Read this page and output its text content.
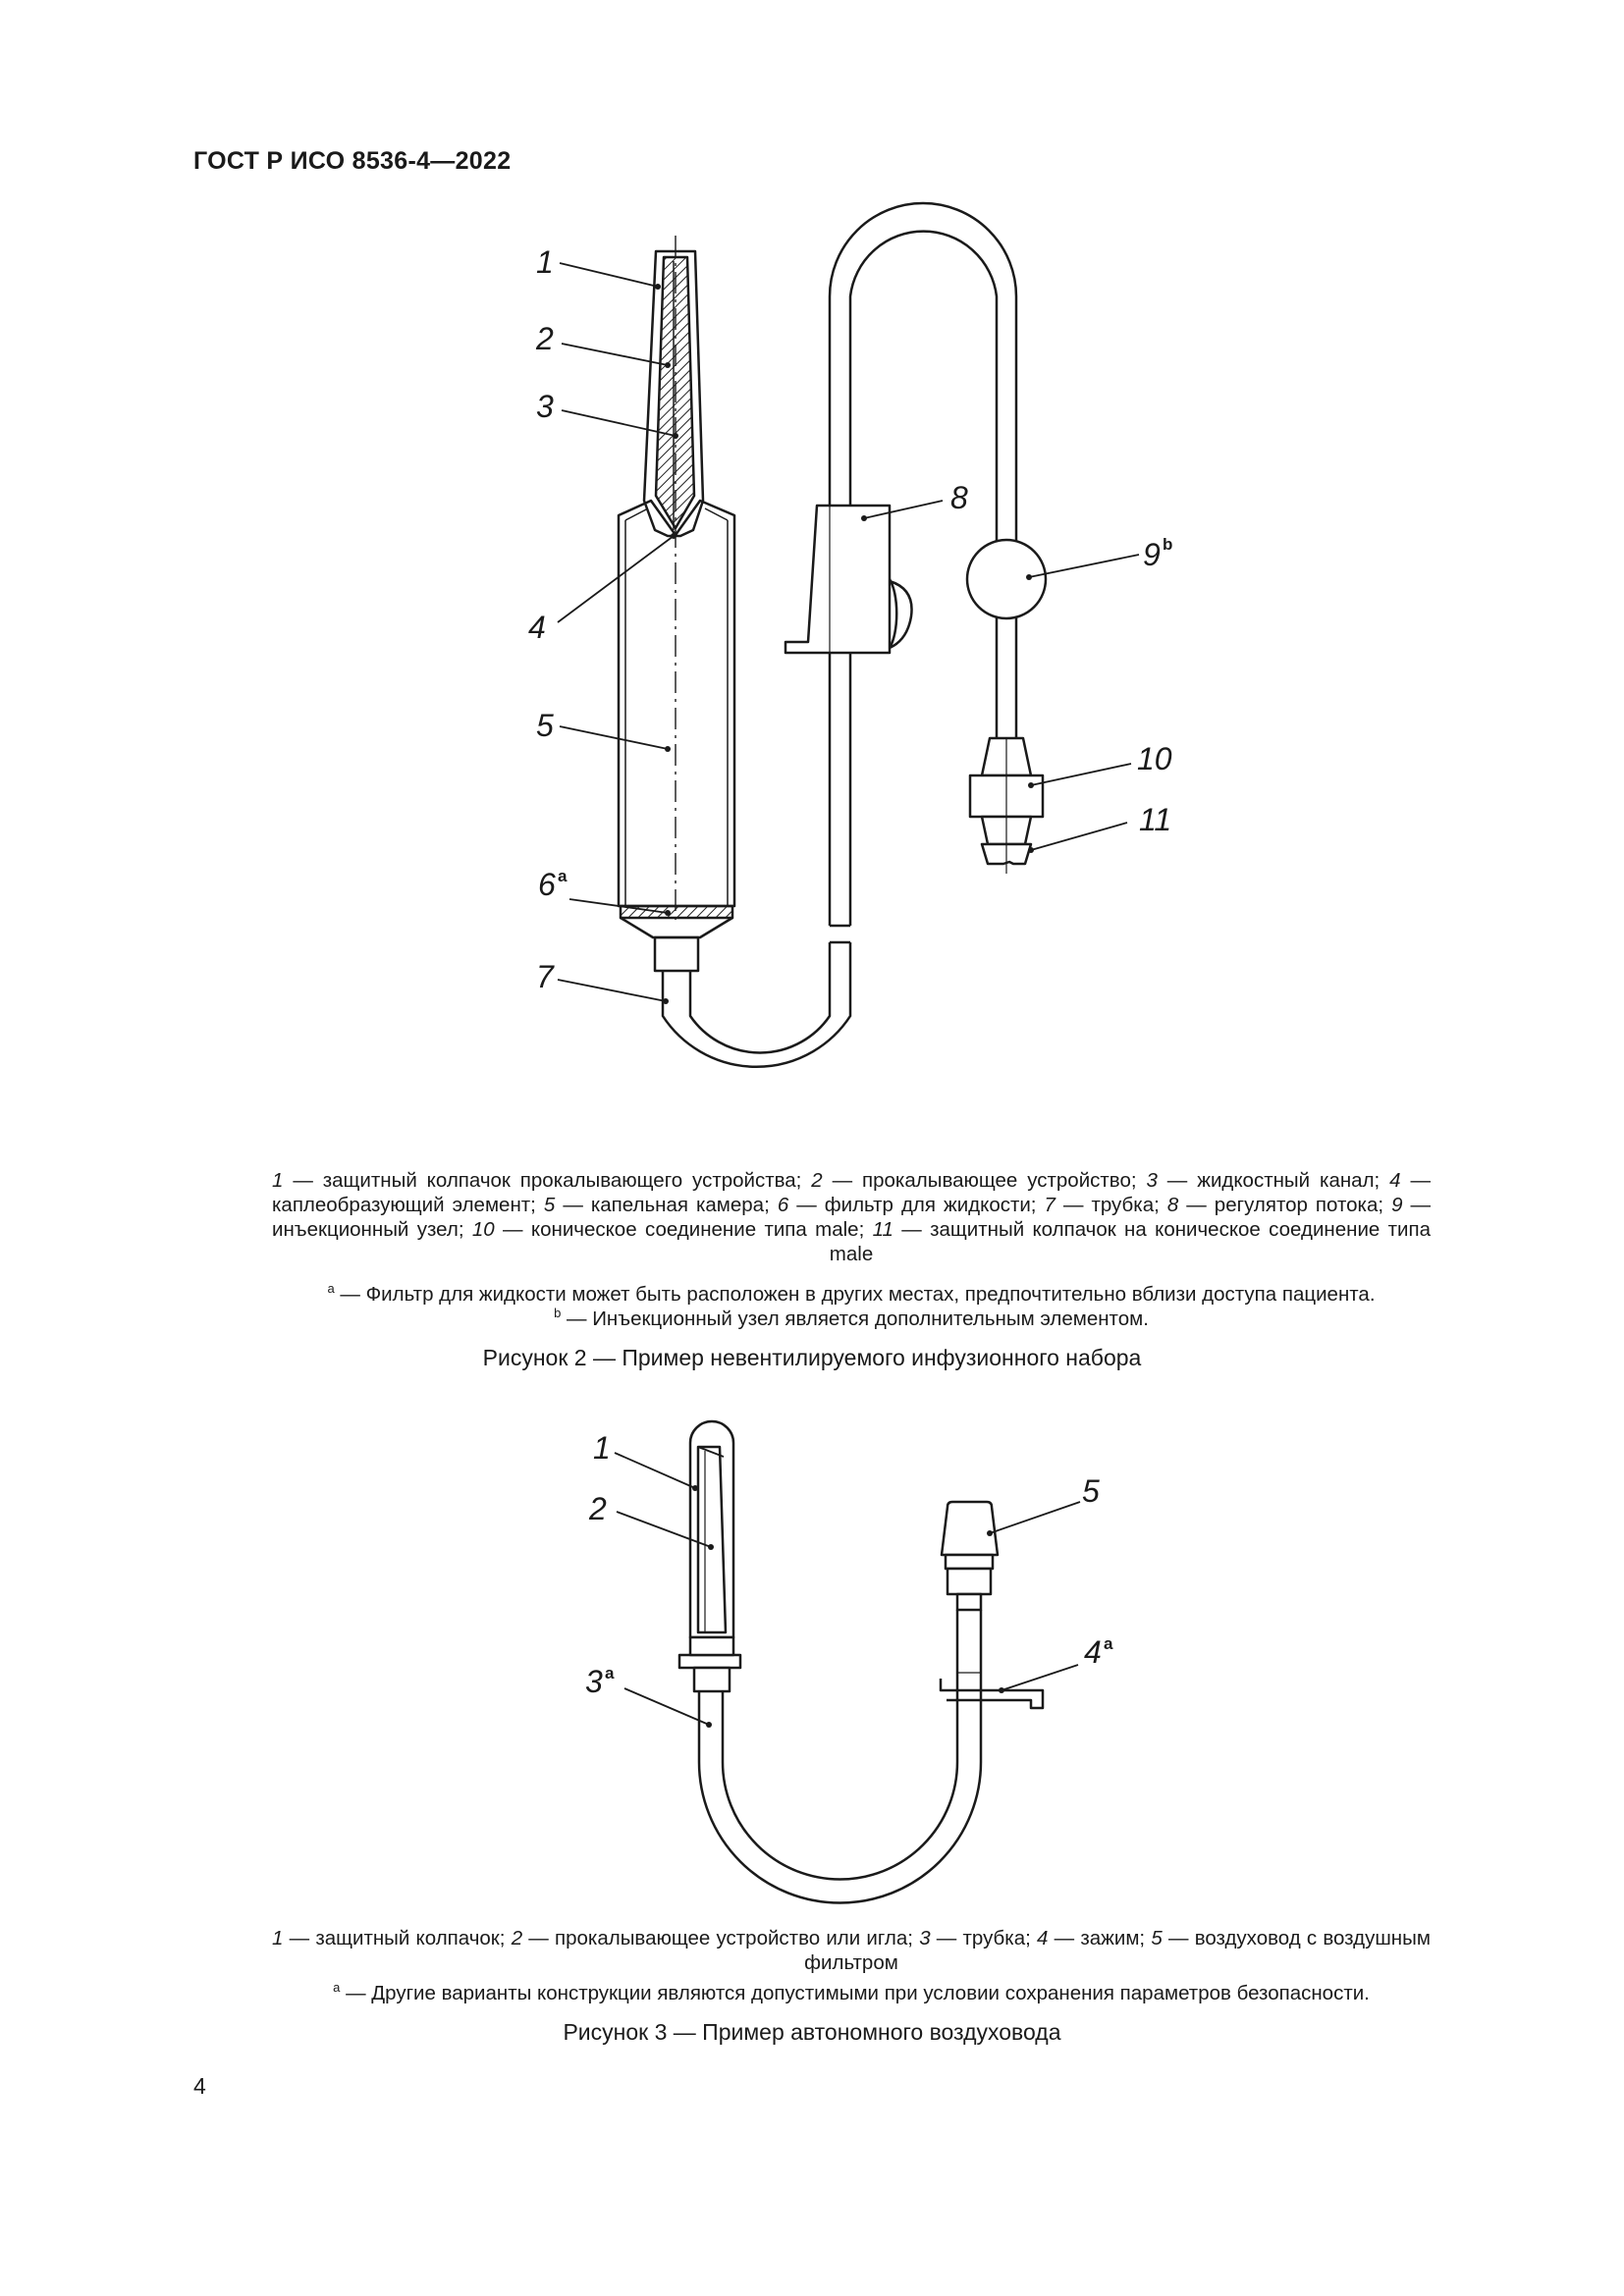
ГОСТ Р ИСО 8536-4—2022
1
2
3
4
5
6 a
7
8
9 b
10
11
1 — защитный колпачок прокалывающего устройства; 2 — прокалывающее устройство; 3 — жидкостный канал; 4 — каплеобразующий элемент; 5 — капельная камера; 6 — фильтр для жидкости; 7 — трубка; 8 — регулятор потока; 9 — инъекционный узел; 10 — коническое соединение типа male; 11 — защитный колпачок на коническое соединение типа male
$^a$ — Фильтр для жидкости может быть расположен в других местах, предпочтительно вблизи доступа пациента.
$^b$ — Инъекционный узел является дополнительным элементом.
Рисунок 2 — Пример невентилируемого инфузионного набора
1
2
3 a
4 a
5
1 — защитный колпачок; 2 — прокалывающее устройство или игла; 3 — трубка; 4 — зажим; 5 — воздуховод с воздушным фильтром
$^a$ — Другие варианты конструкции являются допустимыми при условии сохранения параметров безопасности.
Рисунок 3 — Пример автономного воздуховода
4
